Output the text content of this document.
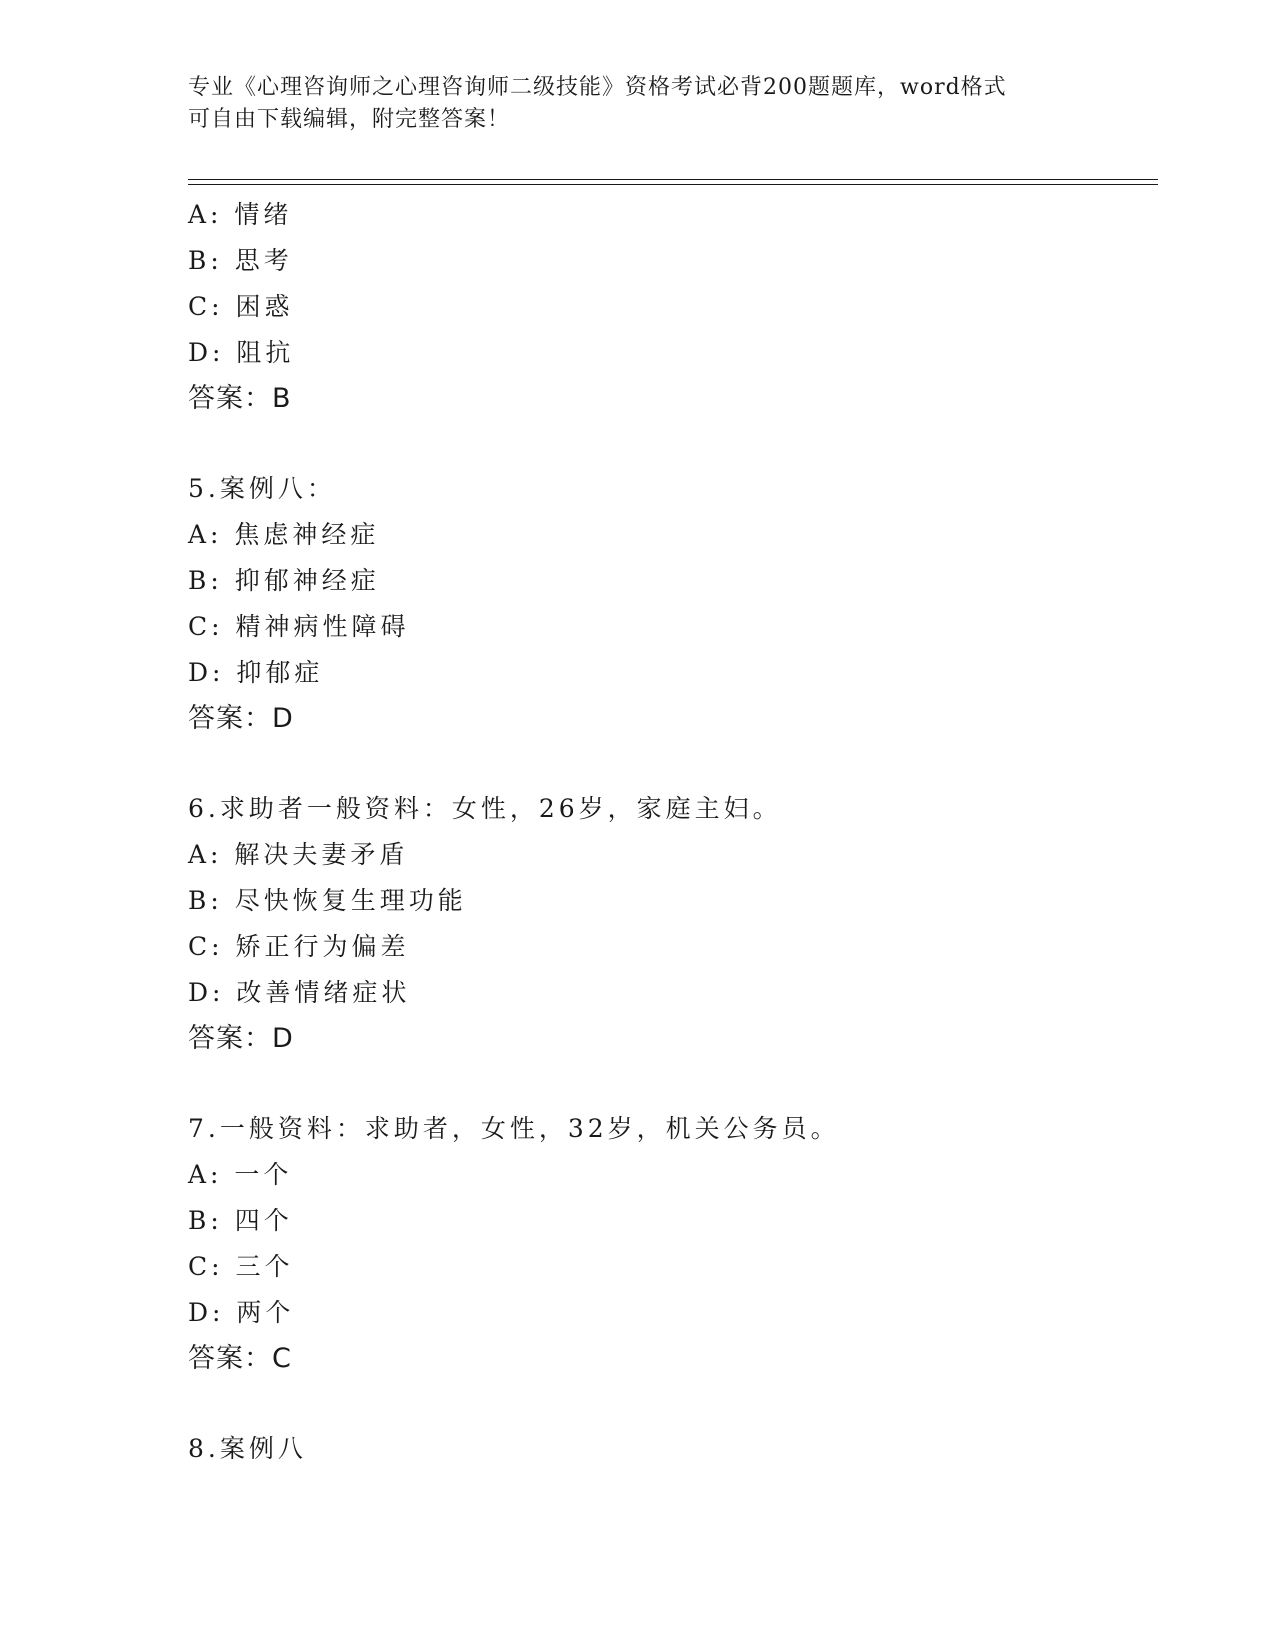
专业《心理咨询师之心理咨询师二级技能》资格考试必背200题题库，word格式
可自由下载编辑，附完整答案！
A: 情绪
B: 思考
C: 困惑
D: 阻抗
答案：B
5.案例八：
A: 焦虑神经症
B: 抑郁神经症
C: 精神病性障碍
D: 抑郁症
答案：D
6.求助者一般资料：女性，26岁，家庭主妇。
A: 解决夫妻矛盾
B: 尽快恢复生理功能
C: 矫正行为偏差
D: 改善情绪症状
答案：D
7.一般资料：求助者，女性，32岁，机关公务员。
A: 一个
B: 四个
C: 三个
D: 两个
答案：C
8.案例八
